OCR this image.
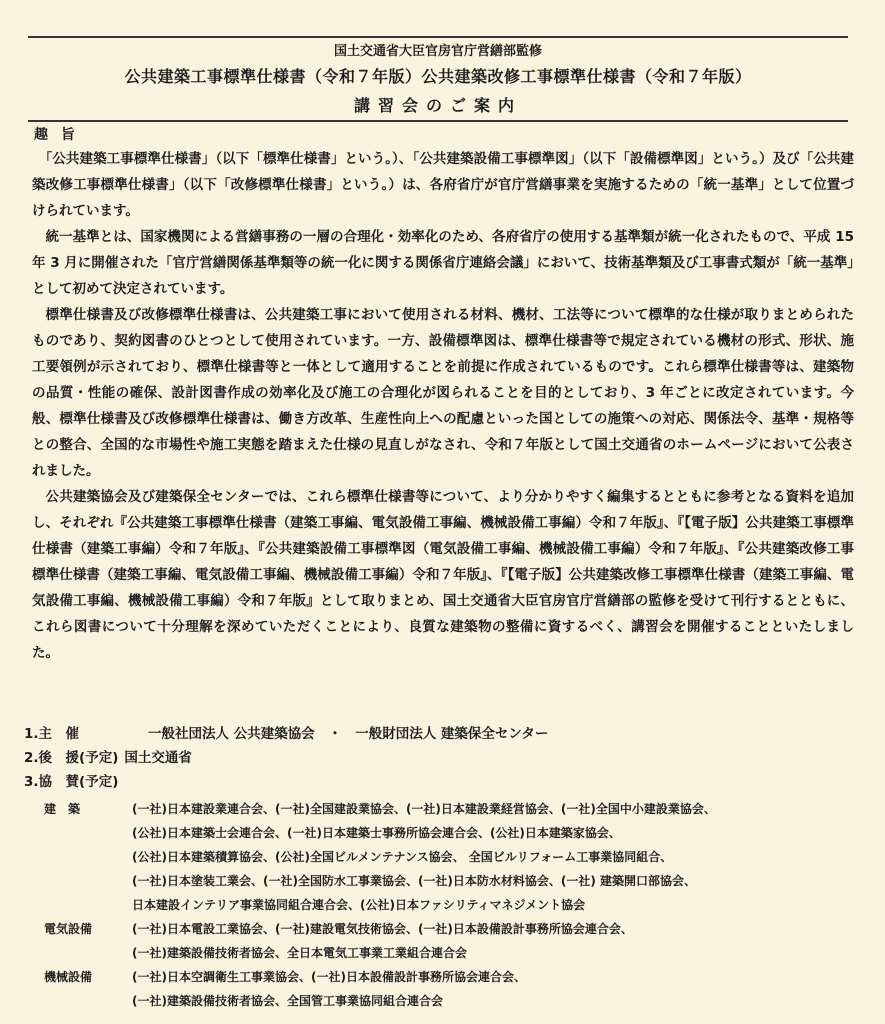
国土交通省大臣官房官庁営繕部監修
公共建築工事標準仕様書（令和７年版）公共建築改修工事標準仕様書（令和７年版）
講習会のご案内
趣 旨

「公共建築工事標準仕様書」（以下「標準仕様書」という。）、「公共建築設備工事標準図」（以下「設備標準図」という。）及び「公共建築改修工事標準仕様書」（以下「改修標準仕様書」という。）は、各府省庁が官庁営繕事業を実施するための「統一基準」として位置づけられています。

統一基準とは、国家機関による営繕事務の一層の合理化・効率化のため、各府省庁の使用する基準類が統一化されたもので、平成 15 年 3 月に開催された「官庁営繕関係基準類等の統一化に関する関係省庁連絡会議」において、技術基準類及び工事書式類が「統一基準」として初めて決定されています。

標準仕様書及び改修標準仕様書は、公共建築工事において使用される材料、機材、工法等について標準的な仕様が取りまとめられたものであり、契約図書のひとつとして使用されています。一方、設備標準図は、標準仕様書等で規定されている機材の形式、形状、施工要領例が示されており、標準仕様書等と一体として適用することを前提に作成されているものです。これら標準仕様書等は、建築物の品質・性能の確保、設計図書作成の効率化及び施工の合理化が図られることを目的としており、3 年ごとに改定されています。今般、標準仕様書及び改修標準仕様書は、働き方改革、生産性向上への配慮といった国としての施策への対応、関係法令、基準・規格等との整合、全国的な市場性や施工実態を踏まえた仕様の見直しがなされ、令和７年版として国土交通省のホームページにおいて公表されました。

公共建築協会及び建築保全センターでは、これら標準仕様書等について、より分かりやすく編集するとともに参考となる資料を追加し、それぞれ『公共建築工事標準仕様書（建築工事編、電気設備工事編、機械設備工事編）令和７年版』、『【電子版】公共建築工事標準仕様書（建築工事編）令和７年版』、『公共建築設備工事標準図（電気設備工事編、機械設備工事編）令和７年版』、『公共建築改修工事標準仕様書（建築工事編、電気設備工事編、機械設備工事編）令和７年版』、『【電子版】公共建築改修工事標準仕様書（建築工事編、電気設備工事編、機械設備工事編）令和７年版』として取りまとめ、国土交通省大臣官房官庁営繕部の監修を受けて刊行するとともに、これら図書について十分理解を深めていただくことにより、良質な建築物の整備に資するべく、講習会を開催することといたしました。

1.主　催	一般社団法人 公共建築協会　・　一般財団法人 建築保全センター
2.後　援(予定) 国土交通省
3.協　賛(予定)
建　築	(一社)日本建設業連合会、(一社)全国建設業協会、(一社)日本建設業経営協会、(一社)全国中小建設業協会、
(公社)日本建築士会連合会、(一社)日本建築士事務所協会連合会、(公社)日本建築家協会、
(公社)日本建築積算協会、(公社)全国ビルメンテナンス協会、 全国ビルリフォーム工事業協同組合、
(一社)日本塗装工業会、(一社)全国防水工事業協会、(一社)日本防水材料協会、(一社) 建築開口部協会、
日本建設インテリア事業協同組合連合会、(公社)日本ファシリティマネジメント協会
電気設備	(一社)日本電設工業協会、(一社)建設電気技術協会、(一社)日本設備設計事務所協会連合会、
(一社)建築設備技術者協会、全日本電気工事業工業組合連合会
機械設備	(一社)日本空調衛生工事業協会、(一社)日本設備設計事務所協会連合会、
(一社)建築設備技術者協会、全国管工事業協同組合連合会
